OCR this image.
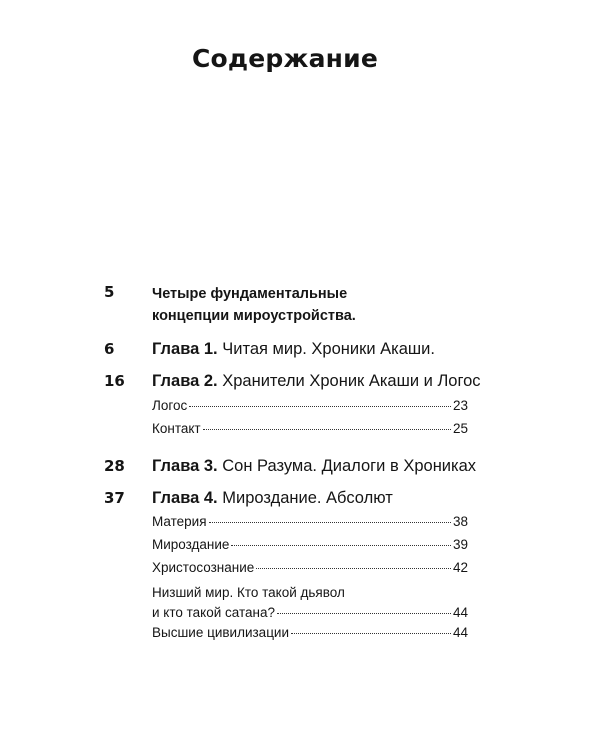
Содержание
5	Четыре фундаментальные
концепции мироустройства.
6 Глава 1. Читая мир. Хроники Акаши.
16 Глава 2. Хранители Хроник Акаши и Логос
Логос	23
Контакт	25
28 Глава 3. Сон Разума. Диалоги в Хрониках
37 Глава 4. Мироздание. Абсолют
Материя	38
Мироздание	39
Христосознание	42
Низший мир. Кто такой дьявол
и кто такой сатана?	44
Высшие цивилизации	44
